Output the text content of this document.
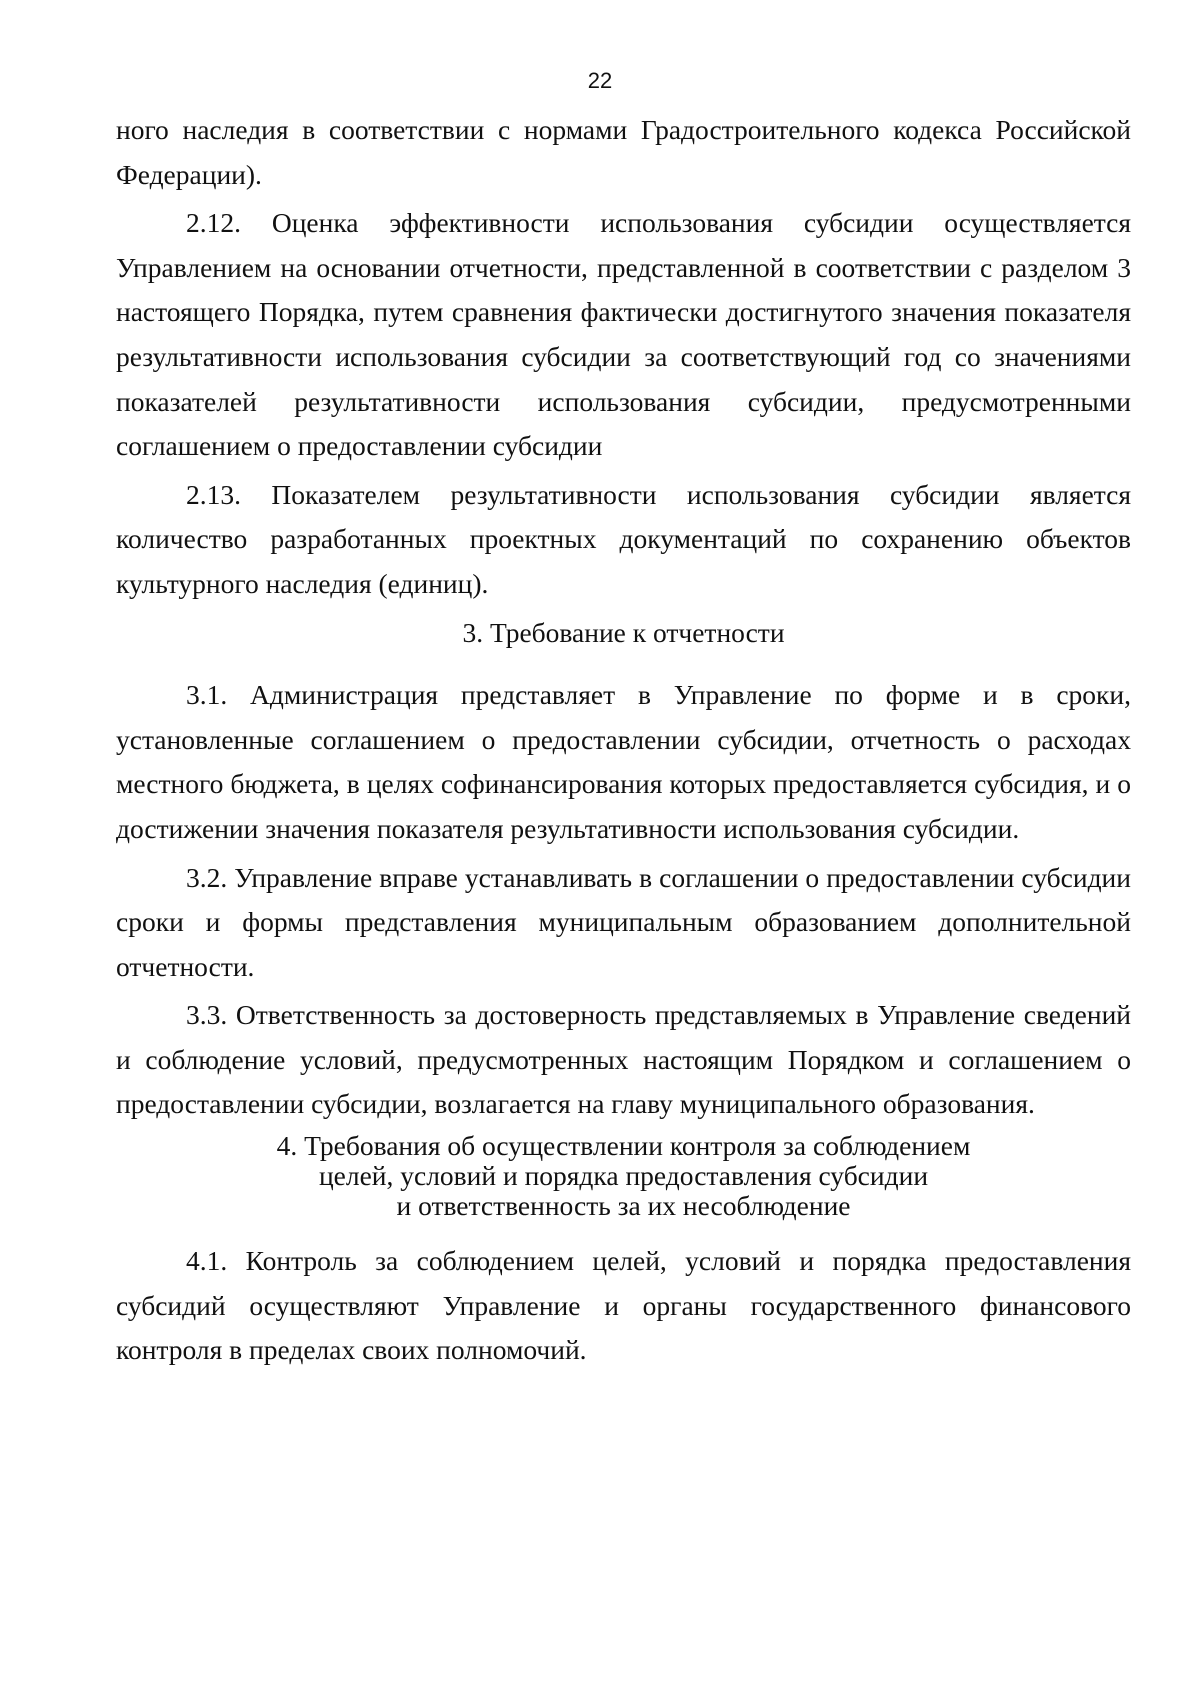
22

ного наследия в соответствии с нормами Градостроительного кодекса Российской Федерации).

2.12. Оценка эффективности использования субсидии осуществляется Управлением на основании отчетности, представленной в соответствии с разделом 3 настоящего Порядка, путем сравнения фактически достигнутого значения показателя результативности использования субсидии за соответствующий год со значениями показателей результативности использования субсидии, предусмотренными соглашением о предоставлении субсидии

2.13. Показателем результативности использования субсидии является количество разработанных проектных документаций по сохранению объектов культурного наследия (единиц).

3. Требование к отчетности

3.1. Администрация представляет в Управление по форме и в сроки, установленные соглашением о предоставлении субсидии, отчетность о расходах местного бюджета, в целях софинансирования которых предоставляется субсидия, и о достижении значения показателя результативности использования субсидии.

3.2. Управление вправе устанавливать в соглашении о предоставлении субсидии сроки и формы представления муниципальным образованием дополнительной отчетности.

3.3. Ответственность за достоверность представляемых в Управление сведений и соблюдение условий, предусмотренных настоящим Порядком и соглашением о предоставлении субсидии, возлагается на главу муниципального образования.

4. Требования об осуществлении контроля за соблюдением
целей, условий и порядка предоставления субсидии
и ответственность за их несоблюдение

4.1. Контроль за соблюдением целей, условий и порядка предоставления субсидий осуществляют Управление и органы государственного финансового контроля в пределах своих полномочий.
